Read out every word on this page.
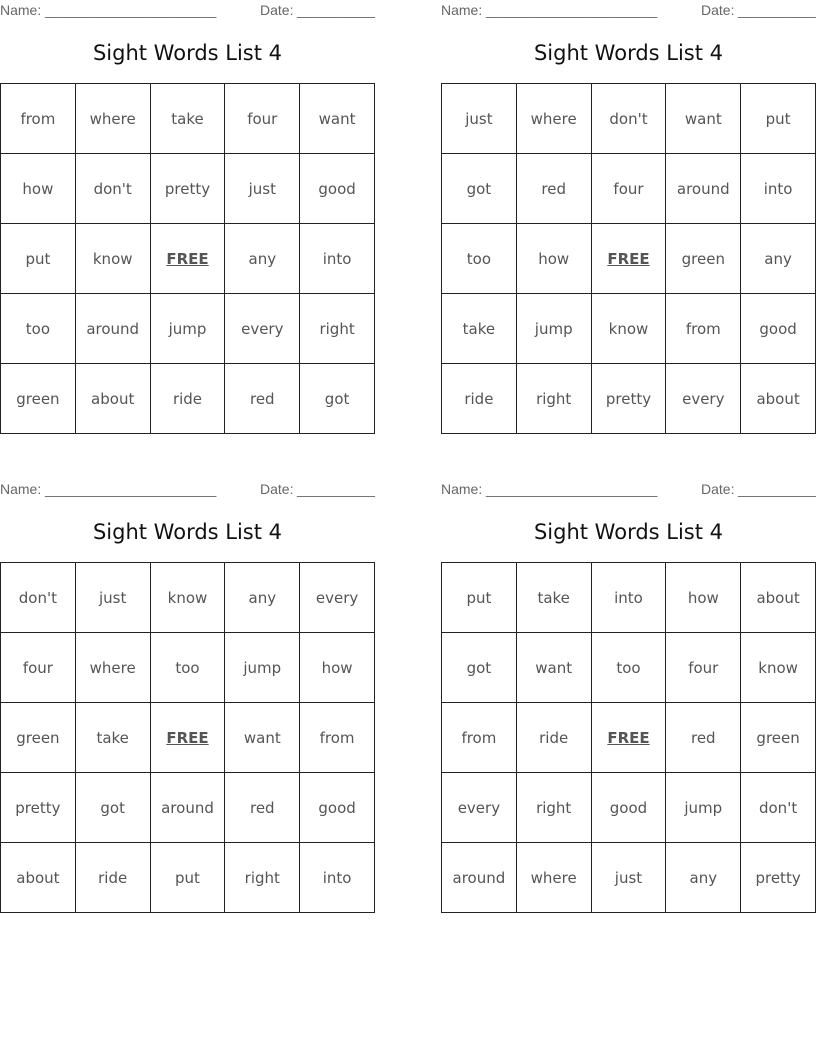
Name: ______________________	Date: __________
Sight Words List 4
from	where	take	four	want
how	don't	pretty	just	good
put	know	FREE	any	into
too	around	jump	every	right
green	about	ride	red	got
Name: ______________________	Date: __________
Sight Words List 4
just	where	don't	want	put
got	red	four	around	into
too	how	FREE	green	any
take	jump	know	from	good
ride	right	pretty	every	about
Name: ______________________	Date: __________
Sight Words List 4
don't	just	know	any	every
four	where	too	jump	how
green	take	FREE	want	from
pretty	got	around	red	good
about	ride	put	right	into
Name: ______________________	Date: __________
Sight Words List 4
put	take	into	how	about
got	want	too	four	know
from	ride	FREE	red	green
every	right	good	jump	don't
around	where	just	any	pretty
